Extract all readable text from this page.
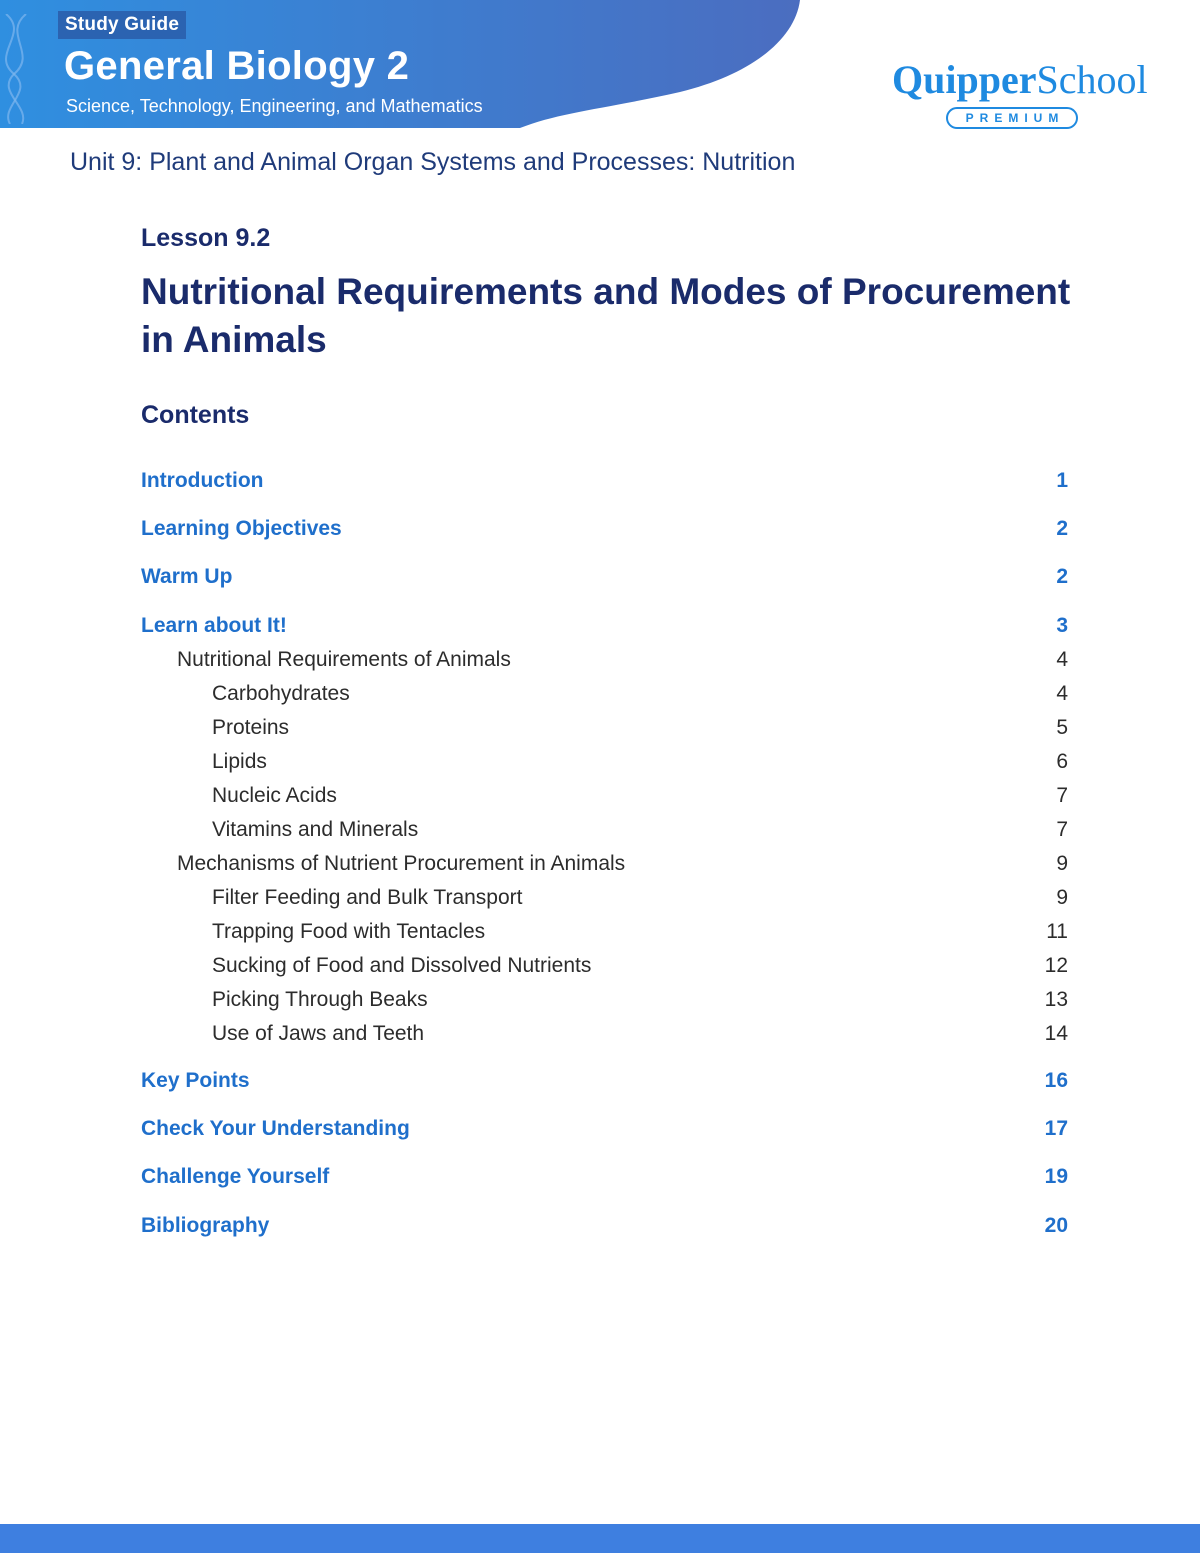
Study Guide
General Biology 2
Science, Technology, Engineering, and Mathematics
QuipperSchool
PREMIUM
Unit 9: Plant and Animal Organ Systems and Processes: Nutrition
Lesson 9.2
Nutritional Requirements and Modes of Procurement in Animals
Contents
Introduction	1
Learning Objectives	2
Warm Up	2
Learn about It!	3
Nutritional Requirements of Animals	4
Carbohydrates	4
Proteins	5
Lipids	6
Nucleic Acids	7
Vitamins and Minerals	7
Mechanisms of Nutrient Procurement in Animals	9
Filter Feeding and Bulk Transport	9
Trapping Food with Tentacles	11
Sucking of Food and Dissolved Nutrients	12
Picking Through Beaks	13
Use of Jaws and Teeth	14
Key Points	16
Check Your Understanding	17
Challenge Yourself	19
Bibliography	20
